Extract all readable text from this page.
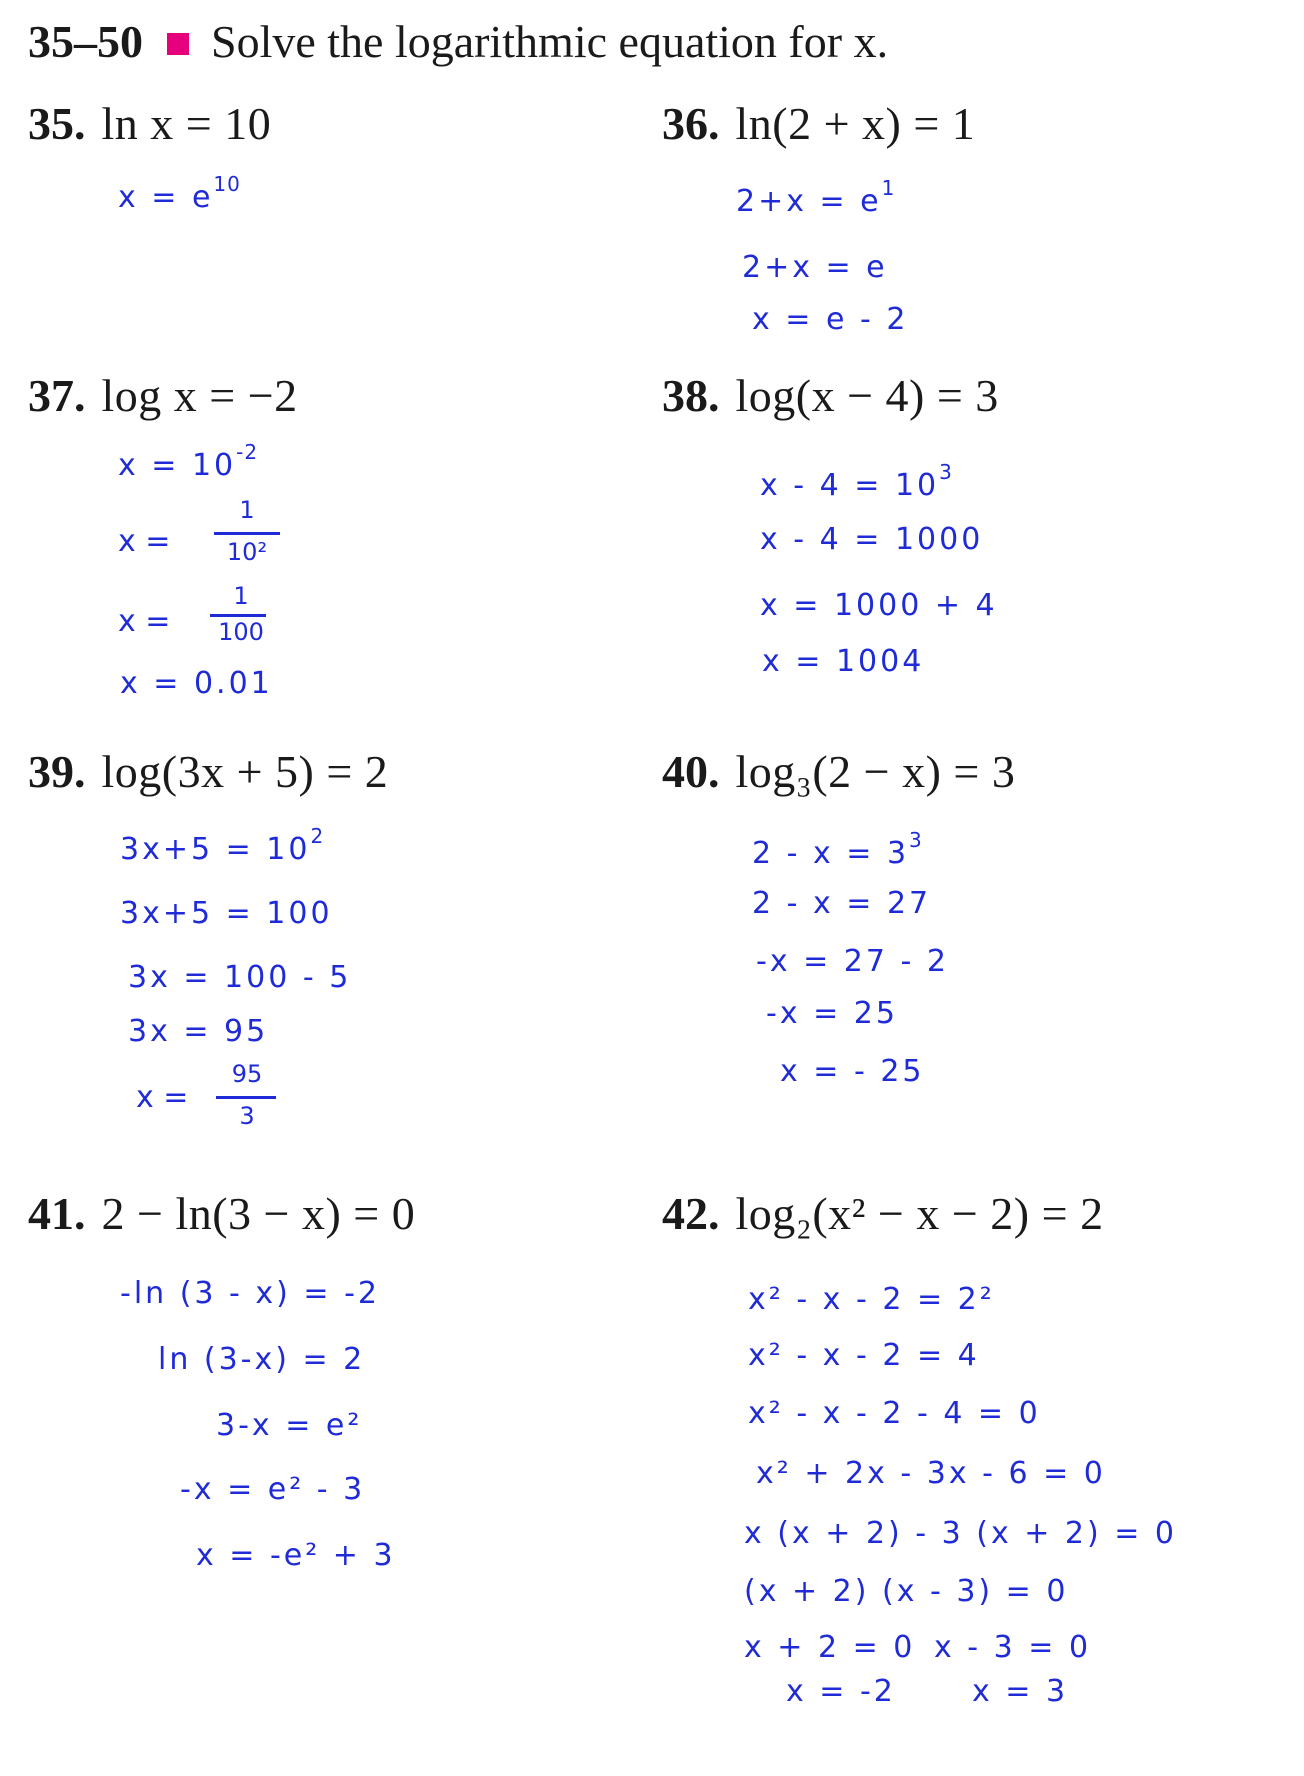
35–50 Solve the logarithmic equation for x.
35. ln x = 10
$x = e^{10}$
36. ln(2 + x) = 1
$2+x = e^1$
2+x = e
x = e - 2
37. log x = −2
$x = 10^{-2}$
x =
1
10²
x =
1
100
x = 0.01
38. log(x − 4) = 3
$x - 4 = 10^3$
x - 4 = 1000
x = 1000 + 4
x = 1004
39. log(3x + 5) = 2
$3x+5 = 10^2$
3x+5 = 100
3x = 100 - 5
3x = 95
x =
95
3
40. log₃(2 − x) = 3
$2 - x = 3^3$
2 - x = 27
-x = 27 - 2
-x = 25
x = - 25
41. 2 − ln(3 − x) = 0
-ln (3 - x) = -2
ln (3-x) = 2
3-x = e²
-x = e² - 3
x = -e² + 3
42. log₂(x² − x − 2) = 2
x² - x - 2 = 2²
x² - x - 2 = 4
x² - x - 2 - 4 = 0
x² + 2x - 3x - 6 = 0
x (x + 2) - 3 (x + 2) = 0
(x + 2) (x - 3) = 0
x + 2 = 0 x - 3 = 0
x = -2	x = 3
